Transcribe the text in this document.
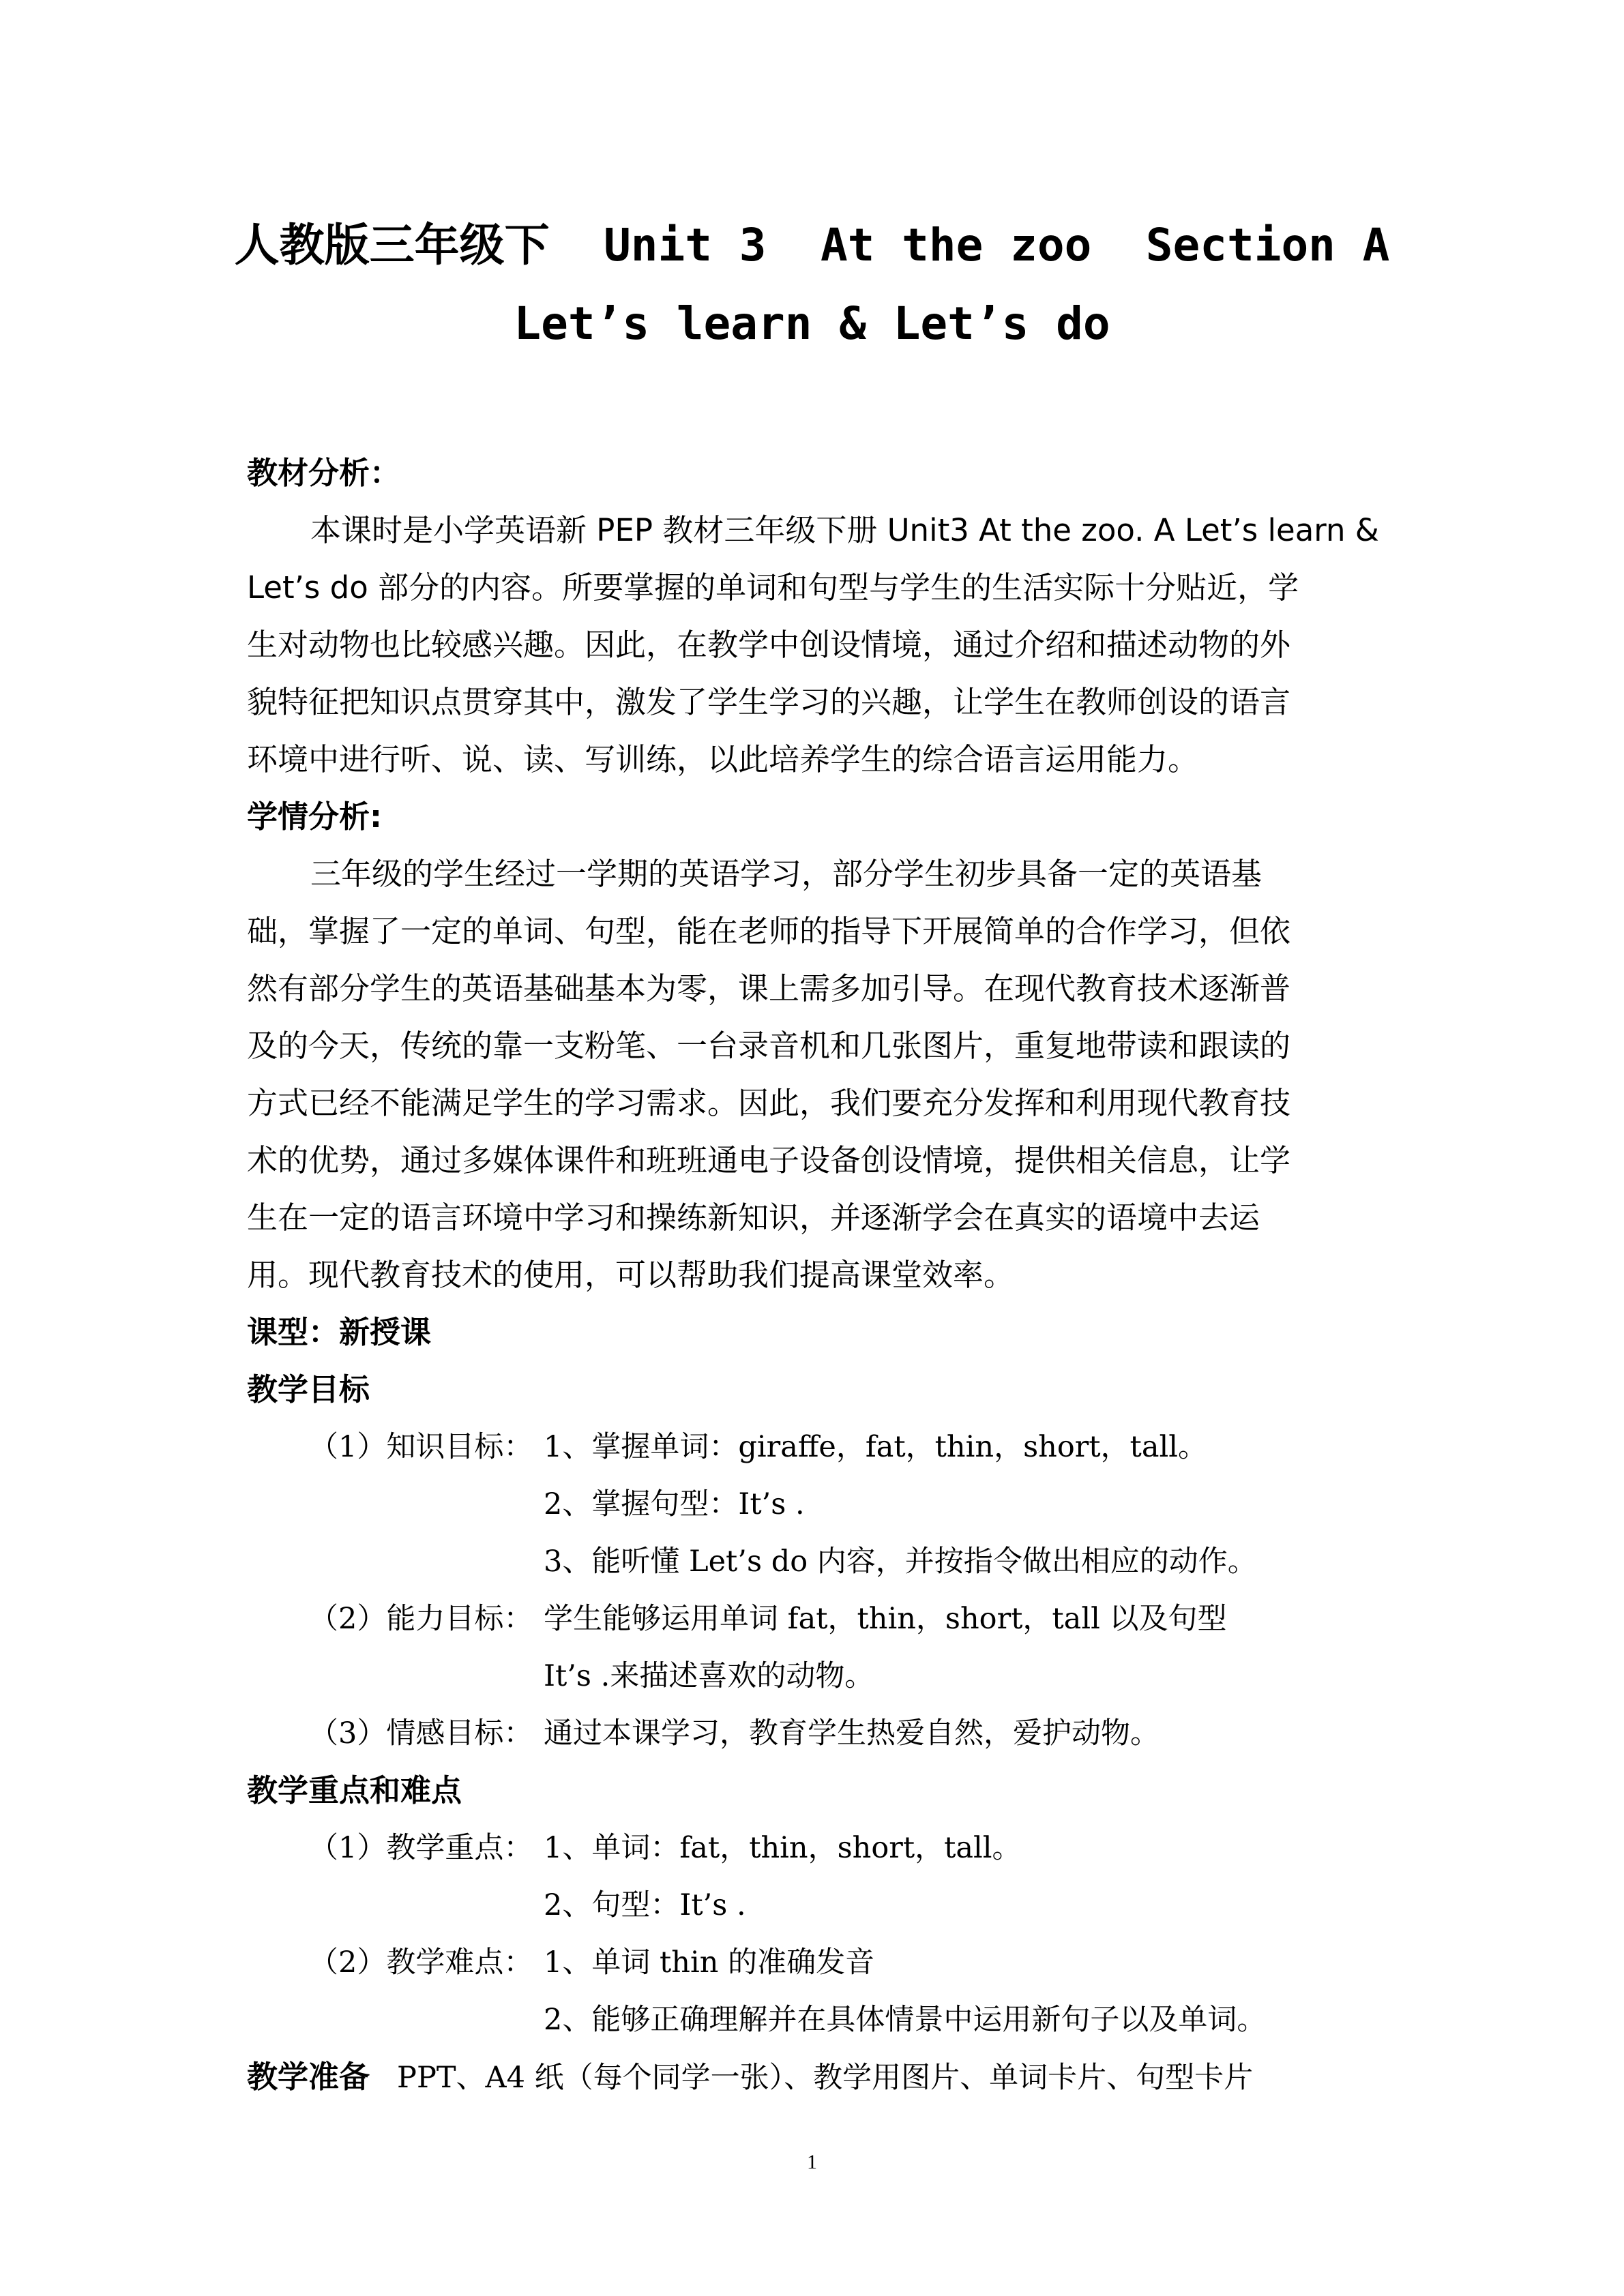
人教版三年级下  Unit 3  At the zoo  Section A
Let’s learn & Let’s do
教材分析：
本课时是小学英语新 PEP 教材三年级下册 Unit3 At the zoo. A Let’s learn &
Let’s do 部分的内容。所要掌握的单词和句型与学生的生活实际十分贴近，学
生对动物也比较感兴趣。因此，在教学中创设情境，通过介绍和描述动物的外
貌特征把知识点贯穿其中，激发了学生学习的兴趣，让学生在教师创设的语言
环境中进行听、说、读、写训练，以此培养学生的综合语言运用能力。
学情分析:
三年级的学生经过一学期的英语学习，部分学生初步具备一定的英语基
础，掌握了一定的单词、句型，能在老师的指导下开展简单的合作学习，但依
然有部分学生的英语基础基本为零，课上需多加引导。在现代教育技术逐渐普
及的今天，传统的靠一支粉笔、一台录音机和几张图片，重复地带读和跟读的
方式已经不能满足学生的学习需求。因此，我们要充分发挥和利用现代教育技
术的优势，通过多媒体课件和班班通电子设备创设情境，提供相关信息，让学
生在一定的语言环境中学习和操练新知识，并逐渐学会在真实的语境中去运
用。现代教育技术的使用，可以帮助我们提高课堂效率。
课型：新授课
教学目标
（1）知识目标： 1、掌握单词：giraffe，fat，thin，short，tall。
2、掌握句型：It’s .
3、能听懂 Let’s do 内容，并按指令做出相应的动作。
（2）能力目标： 学生能够运用单词 fat，thin，short，tall 以及句型
It’s .来描述喜欢的动物。
（3）情感目标： 通过本课学习，教育学生热爱自然，爱护动物。
教学重点和难点
（1）教学重点： 1、单词：fat，thin，short，tall。
2、句型：It’s .
（2）教学难点： 1、单词 thin 的准确发音
2、能够正确理解并在具体情景中运用新句子以及单词。
教学准备 PPT、A4 纸（每个同学一张）、教学用图片、单词卡片、句型卡片
1
